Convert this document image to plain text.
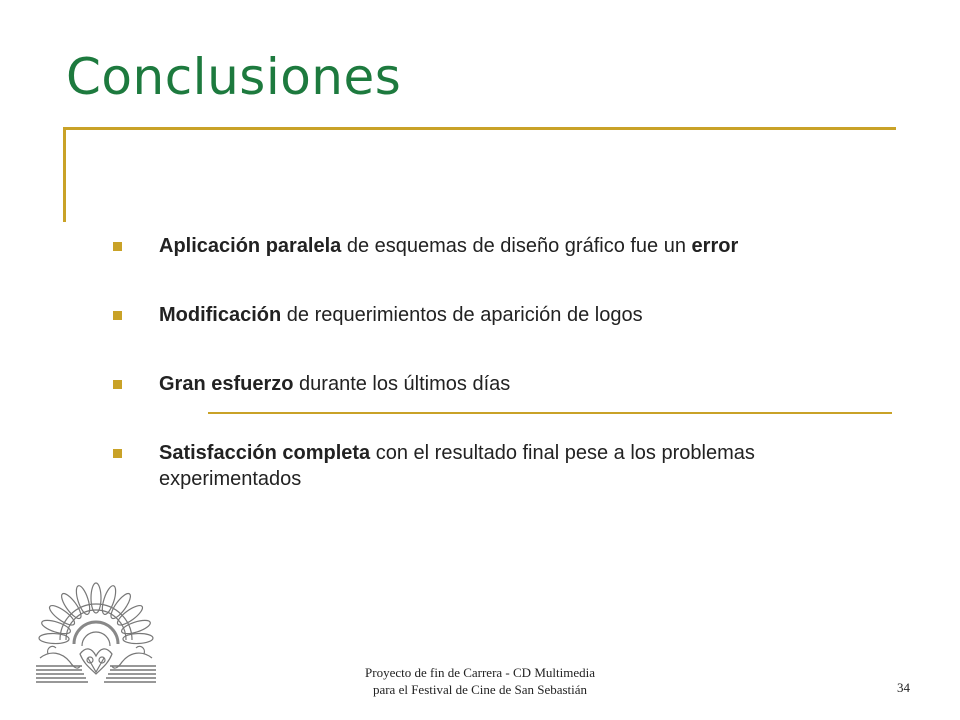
Conclusiones
Aplicación paralela de esquemas de diseño gráfico fue un error
Modificación de requerimientos de aparición de logos
Gran esfuerzo durante los últimos días
Satisfacción completa con el resultado final pese a los problemas experimentados
Proyecto de fin de Carrera - CD Multimedia
para el Festival de Cine de San Sebastián	34
